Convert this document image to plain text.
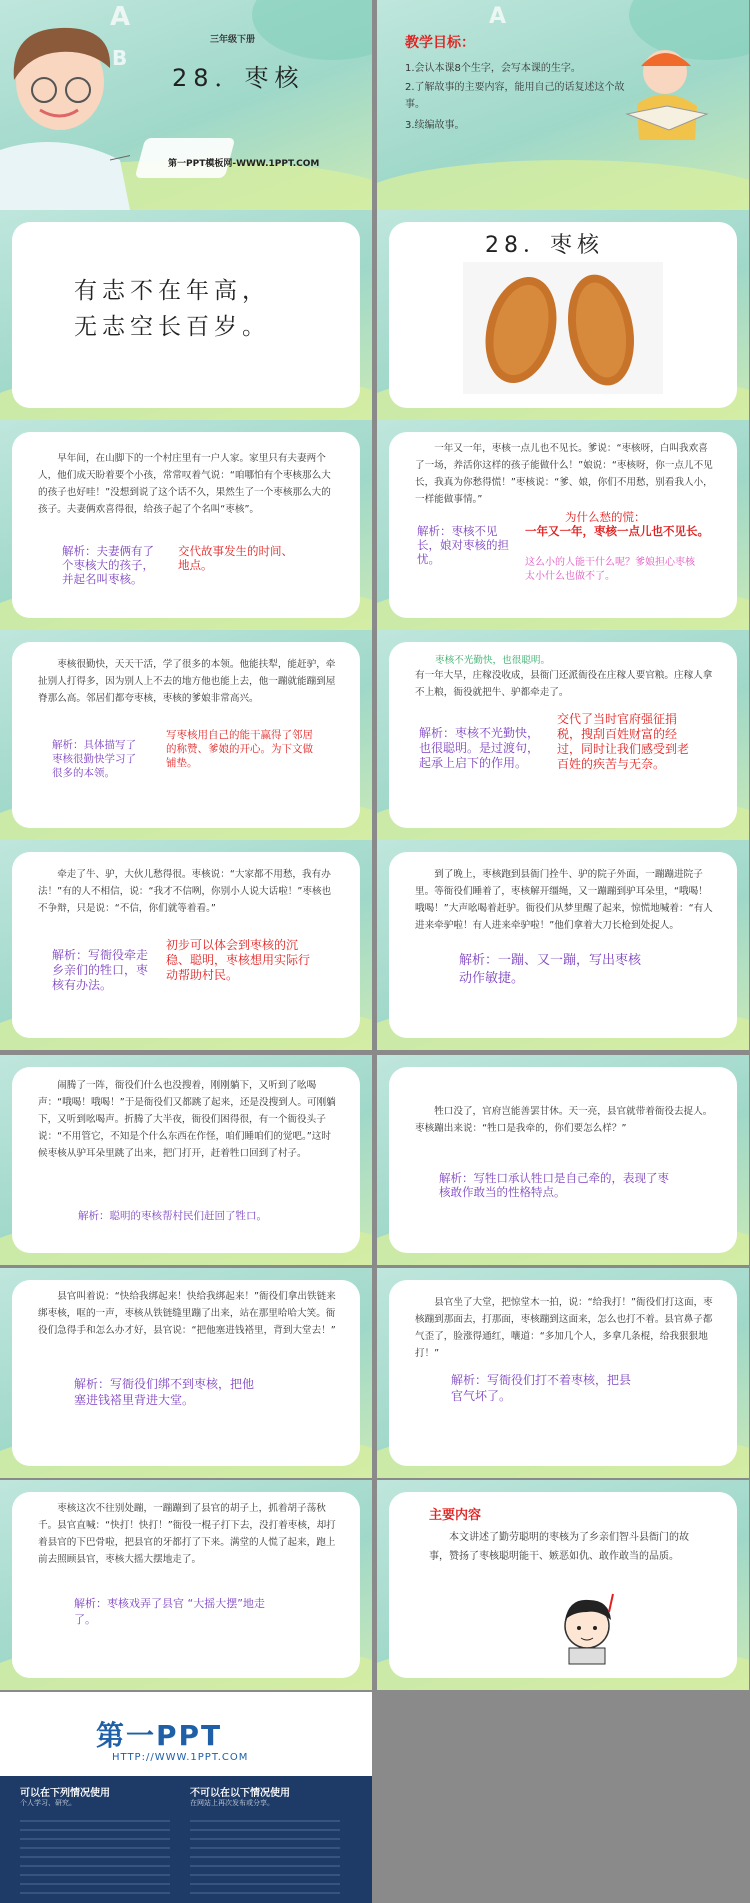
A
B
三年级下册
28．枣核
第一PPT模板网-WWW.1PPT.COM
A
教学目标：
1.会认本课8个生字，会写本课的生字。
2.了解故事的主要内容，能用自己的话复述这个故事。
3.续编故事。
有志不在年高，
无志空长百岁。
28．枣核
早年间，在山脚下的一个村庄里有一户人家。家里只有夫妻两个人，他们成天盼着要个小孩，常常叹着气说：“咱哪怕有个枣核那么大的孩子也好哇！”没想到说了这个话不久，果然生了一个枣核那么大的孩子。夫妻俩欢喜得很，给孩子起了个名叫“枣核”。
解析：夫妻俩有了个枣核大的孩子，并起名叫枣核。
交代故事发生的时间、地点。
一年又一年，枣核一点儿也不见长。爹说：“枣核呀，白叫我欢喜了一场，养活你这样的孩子能做什么！”娘说：“枣核呀，你一点儿不见长，我真为你愁得慌！”枣核说：“爹、娘，你们不用愁，别看我人小，一样能做事情。”
为什么愁的慌：
一年又一年，枣核一点儿也不见长。
解析：枣核不见长，娘对枣核的担忧。	这么小的人能干什么呢？爹娘担心枣核太小什么也做不了。
枣核很勤快，天天干活，学了很多的本领。他能扶犁，能赶驴，牵扯别人打得多，因为别人上不去的地方他也能上去，他一蹦就能蹦到屋脊那么高。邻居们都夸枣核，枣核的爹娘非常高兴。
解析：具体描写了枣核很勤快学习了很多的本领。
写枣核用自己的能干赢得了邻居的称赞、爹娘的开心。为下文做铺垫。
枣核不光勤快，也很聪明。
有一年大旱，庄稼没收成，县衙门还派衙役在庄稼人要官粮。庄稼人拿不上粮，衙役就把牛、驴都牵走了。
解析：枣核不光勤快，也很聪明。是过渡句，起承上启下的作用。
交代了当时官府强征捐税，搜刮百姓财富的经过，同时让我们感受到老百姓的疾苦与无奈。
牵走了牛、驴，大伙儿愁得很。枣核说：“大家都不用愁，我有办法！”有的人不相信，说：“我才不信咧，你别小人说大话啦！”枣核也不争辩，只是说：“不信，你们就等着看。”
解析：写衙役牵走乡亲们的牲口，枣核有办法。
初步可以体会到枣核的沉稳、聪明，枣核想用实际行动帮助村民。
到了晚上，枣核跑到县衙门拴牛、驴的院子外面，一蹦蹦进院子里。等衙役们睡着了，枣核解开缰绳，又一蹦蹦到驴耳朵里，“哦喝！哦喝！”大声吆喝着赶驴。衙役们从梦里醒了起来，惊慌地喊着：“有人进来牵驴啦！有人进来牵驴啦！”他们拿着大刀长枪到处捉人。
解析：一蹦、又一蹦，写出枣核动作敏捷。
闹腾了一阵，衙役们什么也没搜着，刚刚躺下，又听到了吆喝声：“哦喝！哦喝！”于是衙役们又都跳了起来，还是没搜到人。可刚躺下，又听到吆喝声。折腾了大半夜，衙役们困得很，有一个衙役头子说：“不用管它，不知是个什么东西在作怪，咱们睡咱们的觉吧。”这时候枣核从驴耳朵里跳了出来，把门打开，赶着牲口回到了村子。
解析：聪明的枣核帮村民们赶回了牲口。
牲口没了，官府岂能善罢甘休。天一亮，县官就带着衙役去捉人。枣核蹦出来说：“牲口是我牵的，你们要怎么样？”
解析：写牲口承认牲口是自己牵的，表现了枣核敢作敢当的性格特点。
县官叫着说：“快给我绑起来！快给我绑起来！”衙役们拿出铁链来绑枣核，哐的一声，枣核从铁链缝里蹦了出来，站在那里哈哈大笑。衙役们急得手和怎么办才好，县官说：“把他塞进钱褡里，背到大堂去！”
解析：写衙役们绑不到枣核，把他塞进钱褡里背进大堂。
县官坐了大堂，把惊堂木一拍，说：“给我打！”衙役们打这面，枣核蹦到那面去，打那面，枣核蹦到这面来，怎么也打不着。县官鼻子都气歪了，脸涨得通红，嚷道：“多加几个人，多拿几条棍，给我狠狠地打！”
解析：写衙役们打不着枣核，把县官气坏了。
枣核这次不往别处蹦，一蹦蹦到了县官的胡子上，抓着胡子荡秋千。县官直喊：“快打！快打！”衙役一棍子打下去，没打着枣核，却打着县官的下巴骨啦，把县官的牙都打了下来。满堂的人慌了起来，跑上前去照顾县官，枣核大摇大摆地走了。
解析：枣核戏弄了县官 “大摇大摆”地走了。
主要内容
本文讲述了勤劳聪明的枣核为了乡亲们智斗县衙门的故事，赞扬了枣核聪明能干、嫉恶如仇、敢作敢当的品质。
第一PPT
HTTP://WWW.1PPT.COM
可以在下列情况使用
个人学习、研究。
不可以在以下情况使用
在网站上再次发布或分享。
